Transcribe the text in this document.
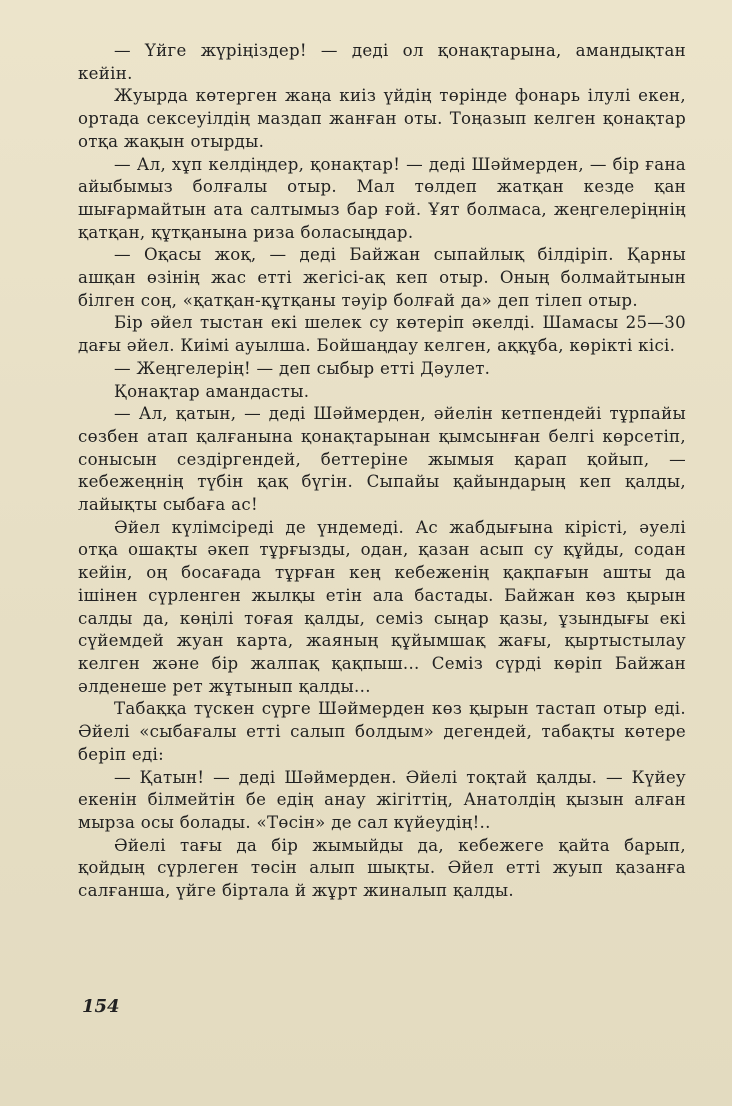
— Үйге жүріңіздер! — деді ол қонақтарына, амандықтан кейін.

Жуырда көтерген жаңа киіз үйдің төрінде фонарь ілулі екен, ортада сексеуілдің маздап жанған оты. Тоңазып келген қонақтар отқа жақын отырды.

— Ал, хұп келдіңдер, қонақтар! — деді Шәймерден, — бір ғана айыбымыз болғалы отыр. Мал төлдеп жатқан кезде қан шығармайтын ата салтымыз бар ғой. Ұят болмаса, жеңгелеріңнің қатқан, құтқанына риза боласыңдар.

— Оқасы жоқ, — деді Байжан сыпайлық білдіріп. Қарны ашқан өзінің жас етті жегісі-ақ кеп отыр. Оның болмайтынын білген соң, «қатқан-құтқаны тәуір болғай да» деп тілеп отыр.

Бір әйел тыстан екі шелек су көтеріп әкелді. Шамасы 25—30 дағы әйел. Киімі ауылша. Бойшаңдау келген, аққұба, көрікті кісі.

— Жеңгелерің! — деп сыбыр етті Дәулет.

Қонақтар амандасты.

— Ал, қатын, — деді Шәймерден, әйелін кетпендейі тұрпайы сөзбен атап қалғанына қонақтарынан қымсынған белгі көрсетіп, сонысын сездіргендей, беттеріне жымыя қарап қойып, — кебежеңнің түбін қақ бүгін. Сыпайы қайындарың кеп қалды, лайықты сыбаға ас!

Әйел күлімсіреді де үндемеді. Ас жабдығына кірісті, әуелі отқа ошақты әкеп тұрғызды, одан, қазан асып су құйды, содан кейін, оң босағада тұрған кең кебеженің қақпағын ашты да ішінен сүрленген жылқы етін ала бастады. Байжан көз қырын салды да, көңілі тоғая қалды, семіз сыңар қазы, ұзындығы екі сүйемдей жуан карта, жаяның құйымшақ жағы, қыртыстылау келген және бір жалпақ қақпыш... Семіз сүрді көріп Байжан әлденеше рет жұтынып қалды...

Табаққа түскен сүрге Шәймерден көз қырын тастап отыр еді. Әйелі «сыбағалы етті салып болдым» дегендей, табақты көтере беріп еді:

— Қатын! — деді Шәймерден. Әйелі тоқтай қалды. — Күйеу екенін білмейтін бе едің анау жігіттің, Анатолдің қызын алған мырза осы болады. «Төсін» де сал күйеудің!..

Әйелі тағы да бір жымыйды да, кебежеге қайта барып, қойдың сүрлеген төсін алып шықты. Әйел етті жуып қазанға салғанша, үйге біртала й жұрт жиналып қалды.

154
